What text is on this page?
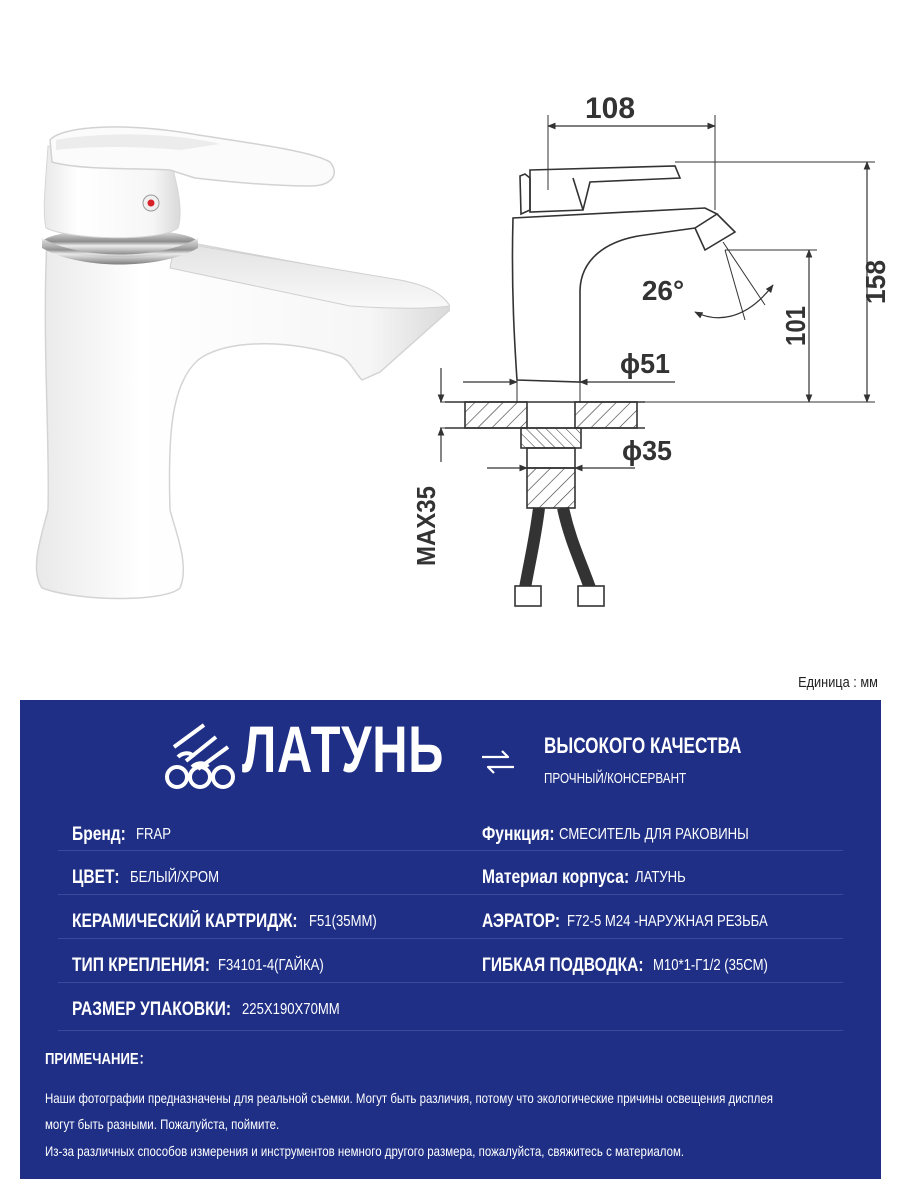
108
26°
ϕ51
ϕ35
158
101
MAX35
Единица : мм
ЛАТУНЬ	ВЫСОКОГО КАЧЕСТВА
ПРОЧНЫЙ/КОНСЕРВАНТ
Бренд: FRAP
ЦВЕТ: БЕЛЫЙ/ХРОМ
КЕРАМИЧЕСКИЙ КАРТРИДЖ: F51(35ММ)
ТИП КРЕПЛЕНИЯ: F34101-4(ГАЙКА)
РАЗМЕР УПАКОВКИ: 225Х190Х70ММ
Функция: СМЕСИТЕЛЬ ДЛЯ РАКОВИНЫ
Материал корпуса: ЛАТУНЬ
АЭРАТОР: F72-5 М24 -НАРУЖНАЯ РЕЗЬБА
ГИБКАЯ ПОДВОДКА: М10*1-Г1/2 (35СМ)
ПРИМЕЧАНИЕ：
Наши фотографии предназначены для реальной съемки. Могут быть различия, потому что экологические причины освещения дисплея
могут быть разными. Пожалуйста, поймите.
Из-за различных способов измерения и инструментов немного другого размера, пожалуйста, свяжитесь с материалом.
